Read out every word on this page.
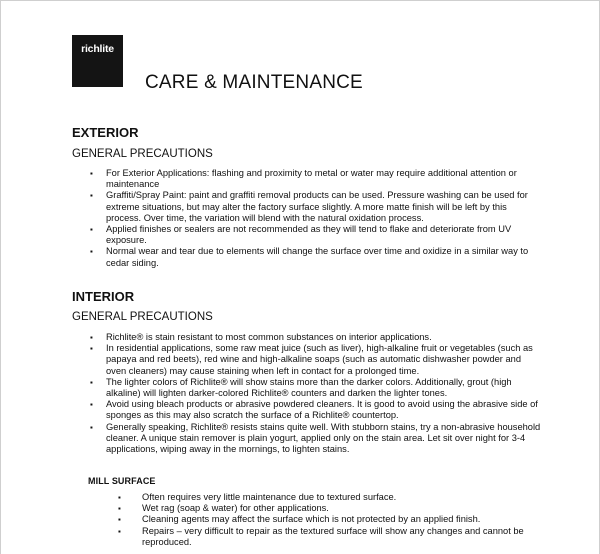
richlite
CARE & MAINTENANCE
EXTERIOR
GENERAL PRECAUTIONS
▪ For Exterior Applications: flashing and proximity to metal or water may require additional attention or maintenance
▪ Graffiti/Spray Paint: paint and graffiti removal products can be used. Pressure washing can be used for extreme situations, but may alter the factory surface slightly. A more matte finish will be left by this process. Over time, the variation will blend with the natural oxidation process.
▪ Applied finishes or sealers are not recommended as they will tend to flake and deteriorate from UV exposure.
▪ Normal wear and tear due to elements will change the surface over time and oxidize in a similar way to cedar siding.
INTERIOR
GENERAL PRECAUTIONS
▪ Richlite® is stain resistant to most common substances on interior applications.
▪ In residential applications, some raw meat juice (such as liver), high-alkaline fruit or vegetables (such as papaya and red beets), red wine and high-alkaline soaps (such as automatic dishwasher powder and oven cleaners) may cause staining when left in contact for a prolonged time.
▪ The lighter colors of Richlite® will show stains more than the darker colors. Additionally, grout (high alkaline) will lighten darker-colored Richlite® counters and darken the lighter tones.
▪ Avoid using bleach products or abrasive powdered cleaners. It is good to avoid using the abrasive side of sponges as this may also scratch the surface of a Richlite® countertop.
▪ Generally speaking, Richlite® resists stains quite well. With stubborn stains, try a non-abrasive household cleaner. A unique stain remover is plain yogurt, applied only on the stain area. Let sit over night for 3-4 applications, wiping away in the mornings, to lighten stains.
MILL SURFACE
▪ Often requires very little maintenance due to textured surface.
▪ Wet rag (soap & water) for other applications.
▪ Cleaning agents may affect the surface which is not protected by an applied finish.
▪ Repairs – very difficult to repair as the textured surface will show any changes and cannot be reproduced.
